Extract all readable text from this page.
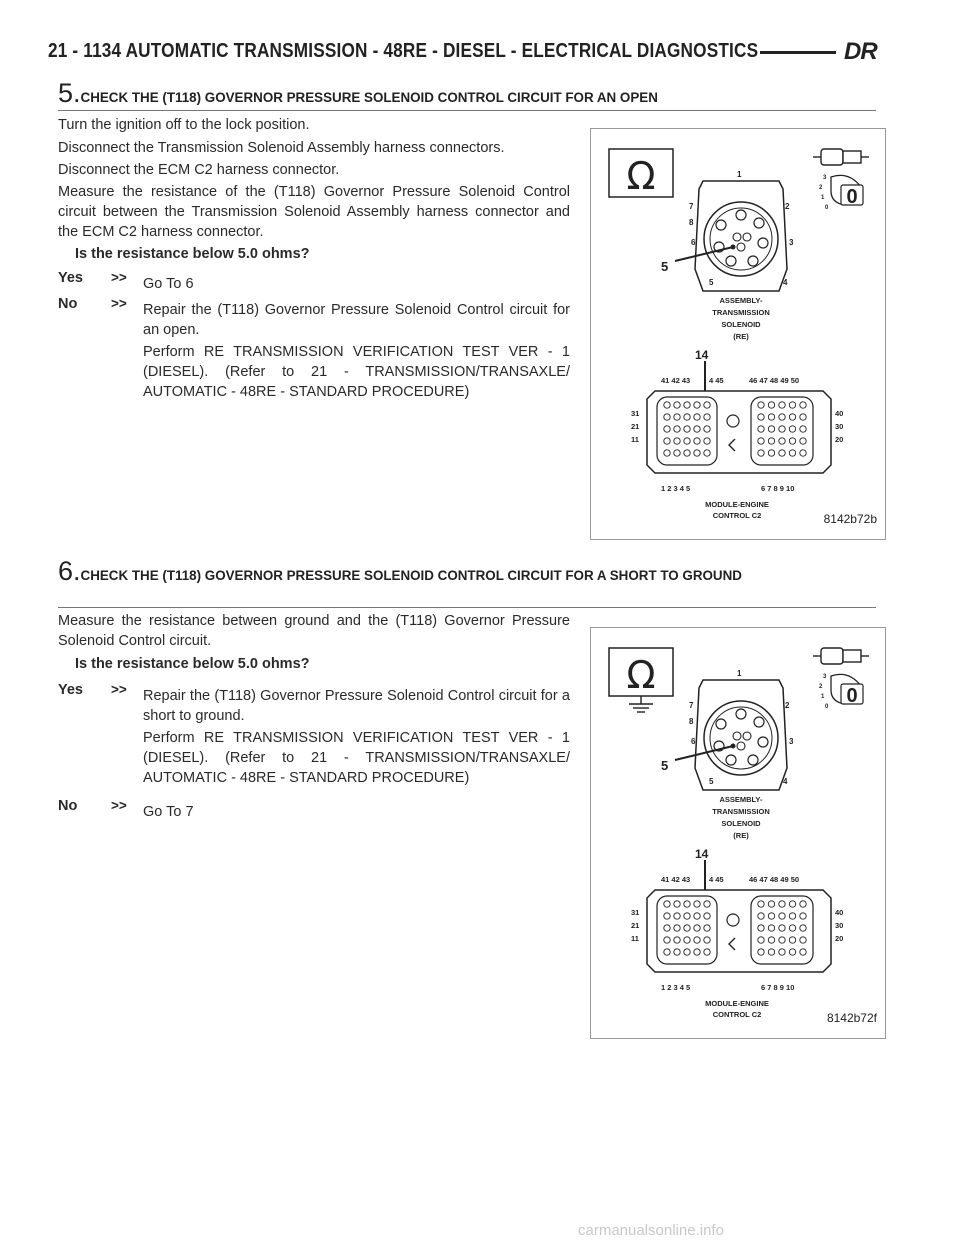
21 - 1134 AUTOMATIC TRANSMISSION - 48RE - DIESEL - ELECTRICAL DIAGNOSTICS	DR
5.CHECK THE (T118) GOVERNOR PRESSURE SOLENOID CONTROL CIRCUIT FOR AN OPEN
Turn the ignition off to the lock position.
Disconnect the Transmission Solenoid Assembly harness connectors.
Disconnect the ECM C2 harness connector.
Measure the resistance of the (T118) Governor Pressure Solenoid Control circuit between the Transmission Solenoid Assembly harness connector and the ECM C2 harness connector.
Is the resistance below 5.0 ohms?
Yes >> Go To 6
No >> Repair the (T118) Governor Pressure Solenoid Control circuit for an open.
Perform RE TRANSMISSION VERIFICATION TEST VER - 1 (DIESEL). (Refer to 21 - TRANSMISSION/TRANSAXLE/ AUTOMATIC - 48RE - STANDARD PROCEDURE)
Ω	0
3
2
1
0
1
2
3
4
5
6
7
8
5
ASSEMBLY-
TRANSMISSION
SOLENOID
(RE)
14
41 42 43	4 45	46 47 48 49 50
31
21
11
40
30
20
1 2 3 4 5	6 7 8 9 10
MODULE-ENGINE
CONTROL C2	8142b72b
6.CHECK THE (T118) GOVERNOR PRESSURE SOLENOID CONTROL CIRCUIT FOR A SHORT TO GROUND
Measure the resistance between ground and the (T118) Governor Pressure Solenoid Control circuit.
Is the resistance below 5.0 ohms?
Yes >> Repair the (T118) Governor Pressure Solenoid Control circuit for a short to ground.
Perform RE TRANSMISSION VERIFICATION TEST VER - 1 (DIESEL). (Refer to 21 - TRANSMISSION/TRANSAXLE/ AUTOMATIC - 48RE - STANDARD PROCEDURE)
No >> Go To 7
Ω	0
3
2
1
0
1
2
3
4
5
6
7
8
5
ASSEMBLY-
TRANSMISSION
SOLENOID
(RE)
14
41 42 43	4 45	46 47 48 49 50
31
21
11
40
30
20
1 2 3 4 5	6 7 8 9 10
MODULE-ENGINE
CONTROL C2	8142b72f
carmanualsonline.info
